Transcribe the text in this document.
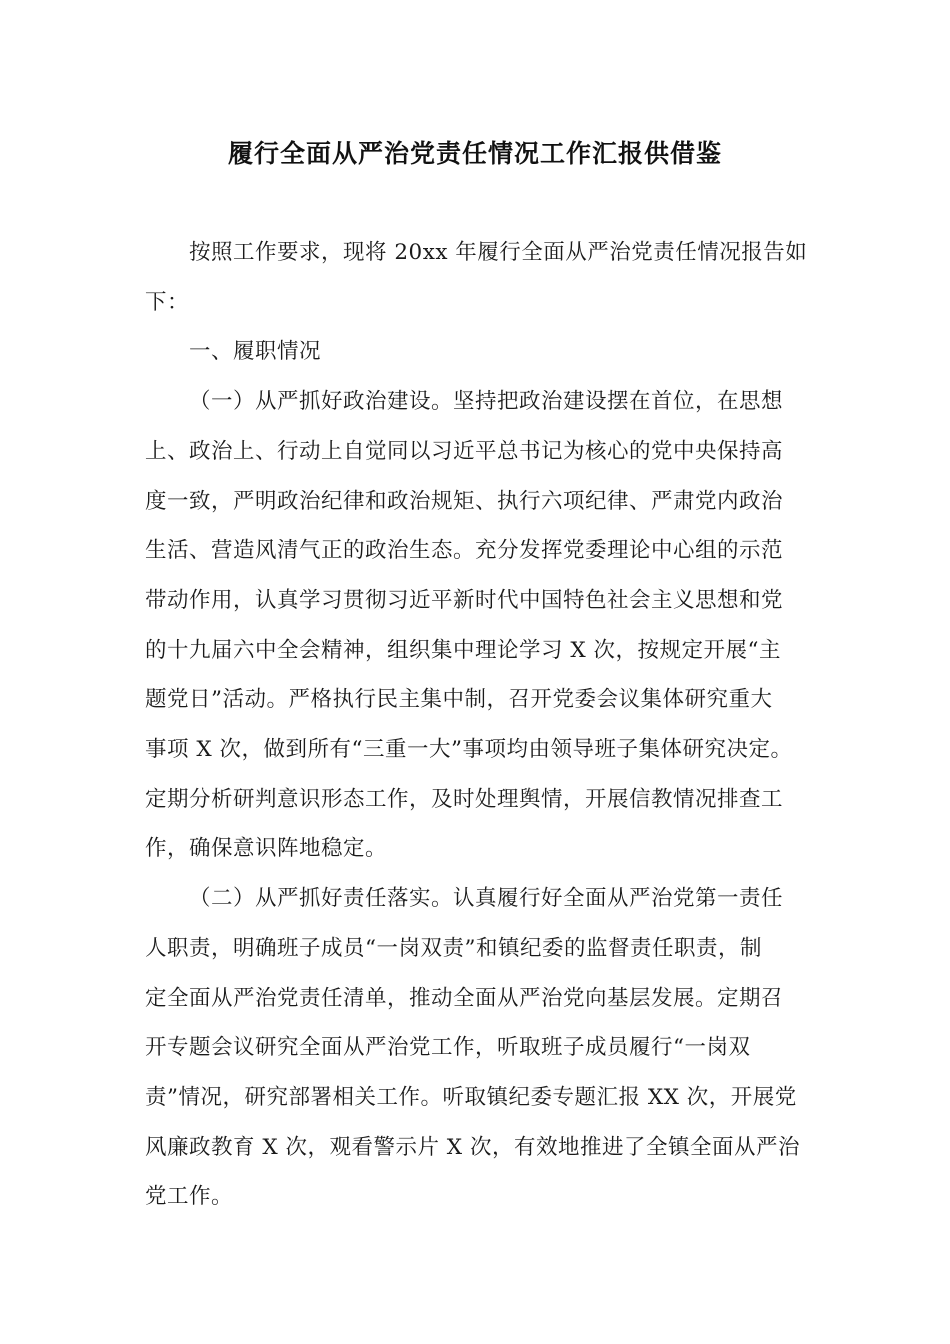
履行全面从严治党责任情况工作汇报供借鉴
按照工作要求，现将 20xx 年履行全面从严治党责任情况报告如
下：
一、履职情况
（一）从严抓好政治建设。坚持把政治建设摆在首位，在思想
上、政治上、行动上自觉同以习近平总书记为核心的党中央保持高
度一致，严明政治纪律和政治规矩、执行六项纪律、严肃党内政治
生活、营造风清气正的政治生态。充分发挥党委理论中心组的示范
带动作用，认真学习贯彻习近平新时代中国特色社会主义思想和党
的十九届六中全会精神，组织集中理论学习 X 次，按规定开展“主
题党日”活动。严格执行民主集中制，召开党委会议集体研究重大
事项 X 次，做到所有“三重一大”事项均由领导班子集体研究决定。
定期分析研判意识形态工作，及时处理舆情，开展信教情况排查工
作，确保意识阵地稳定。
（二）从严抓好责任落实。认真履行好全面从严治党第一责任
人职责，明确班子成员“一岗双责”和镇纪委的监督责任职责，制
定全面从严治党责任清单，推动全面从严治党向基层发展。定期召
开专题会议研究全面从严治党工作，听取班子成员履行“一岗双
责”情况，研究部署相关工作。听取镇纪委专题汇报 XX 次，开展党
风廉政教育 X 次，观看警示片 X 次，有效地推进了全镇全面从严治
党工作。
